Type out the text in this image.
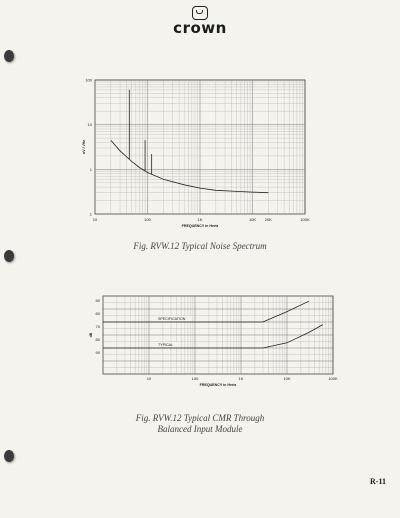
crown
10	100	1K	10K 20K	100K
100
10
1
.1
FREQUENCY in Hertz
nV / √Hz
10	100	1K	10K	100K
50
60
70
80
90
FREQUENCY in Hertz
dB
SPECIFICATION
TYPICAL
Fig. RVW.12 Typical Noise Spectrum
Fig. RVW.12 Typical CMR Through
Balanced Input Module
R-11
